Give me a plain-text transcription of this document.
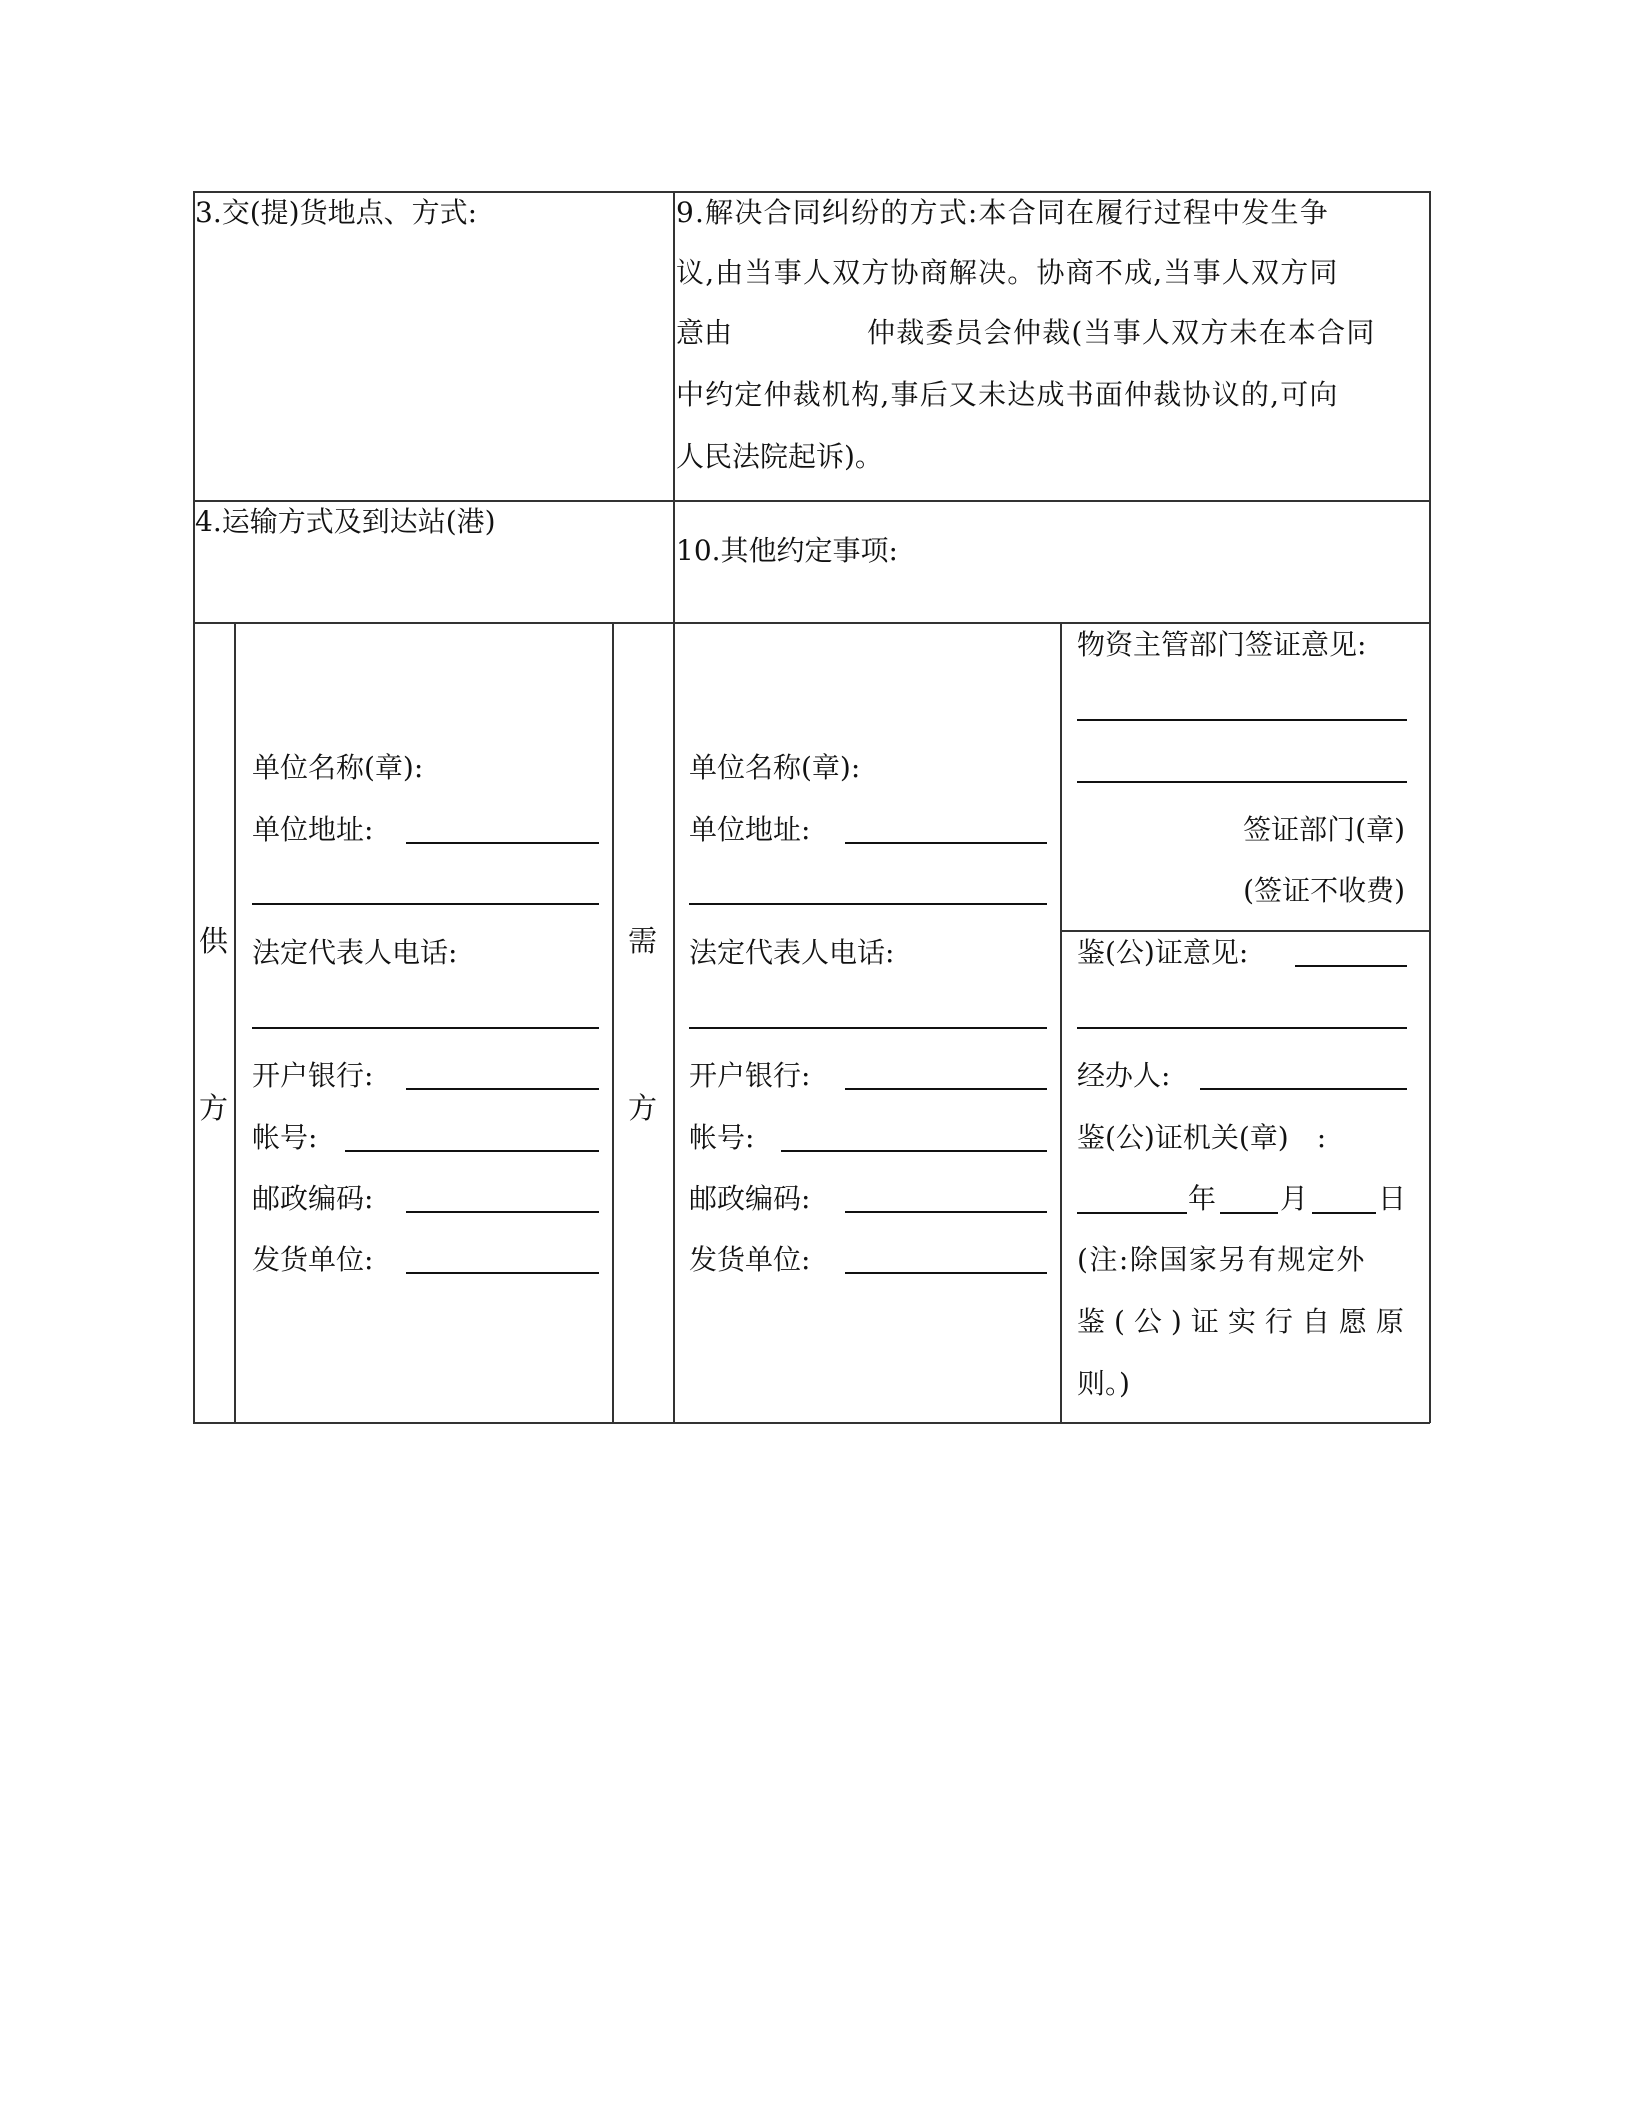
3.交(提)货地点、方式:	9.解决合同纠纷的方式:本合同在履行过程中发生争
议,由当事人双方协商解决。协商不成,当事人双方同
意由	仲裁委员会仲裁(当事人双方未在本合同
中约定仲裁机构,事后又未达成书面仲裁协议的,可向
人民法院起诉)。
4.运输方式及到达站(港)
10.其他约定事项:
供
方
单位名称(章):
单位地址:
法定代表人电话:
开户银行:
帐号:
邮政编码:
发货单位:
需
方
单位名称(章):
单位地址:
法定代表人电话:
开户银行:
帐号:
邮政编码:
发货单位:
物资主管部门签证意见:
签证部门(章)
(签证不收费)
鉴(公)证意见:
经办人:
鉴(公)证机关(章)　:
年 月 日
(注:除国家另有规定外
鉴(公)证实行自愿原
则。)
